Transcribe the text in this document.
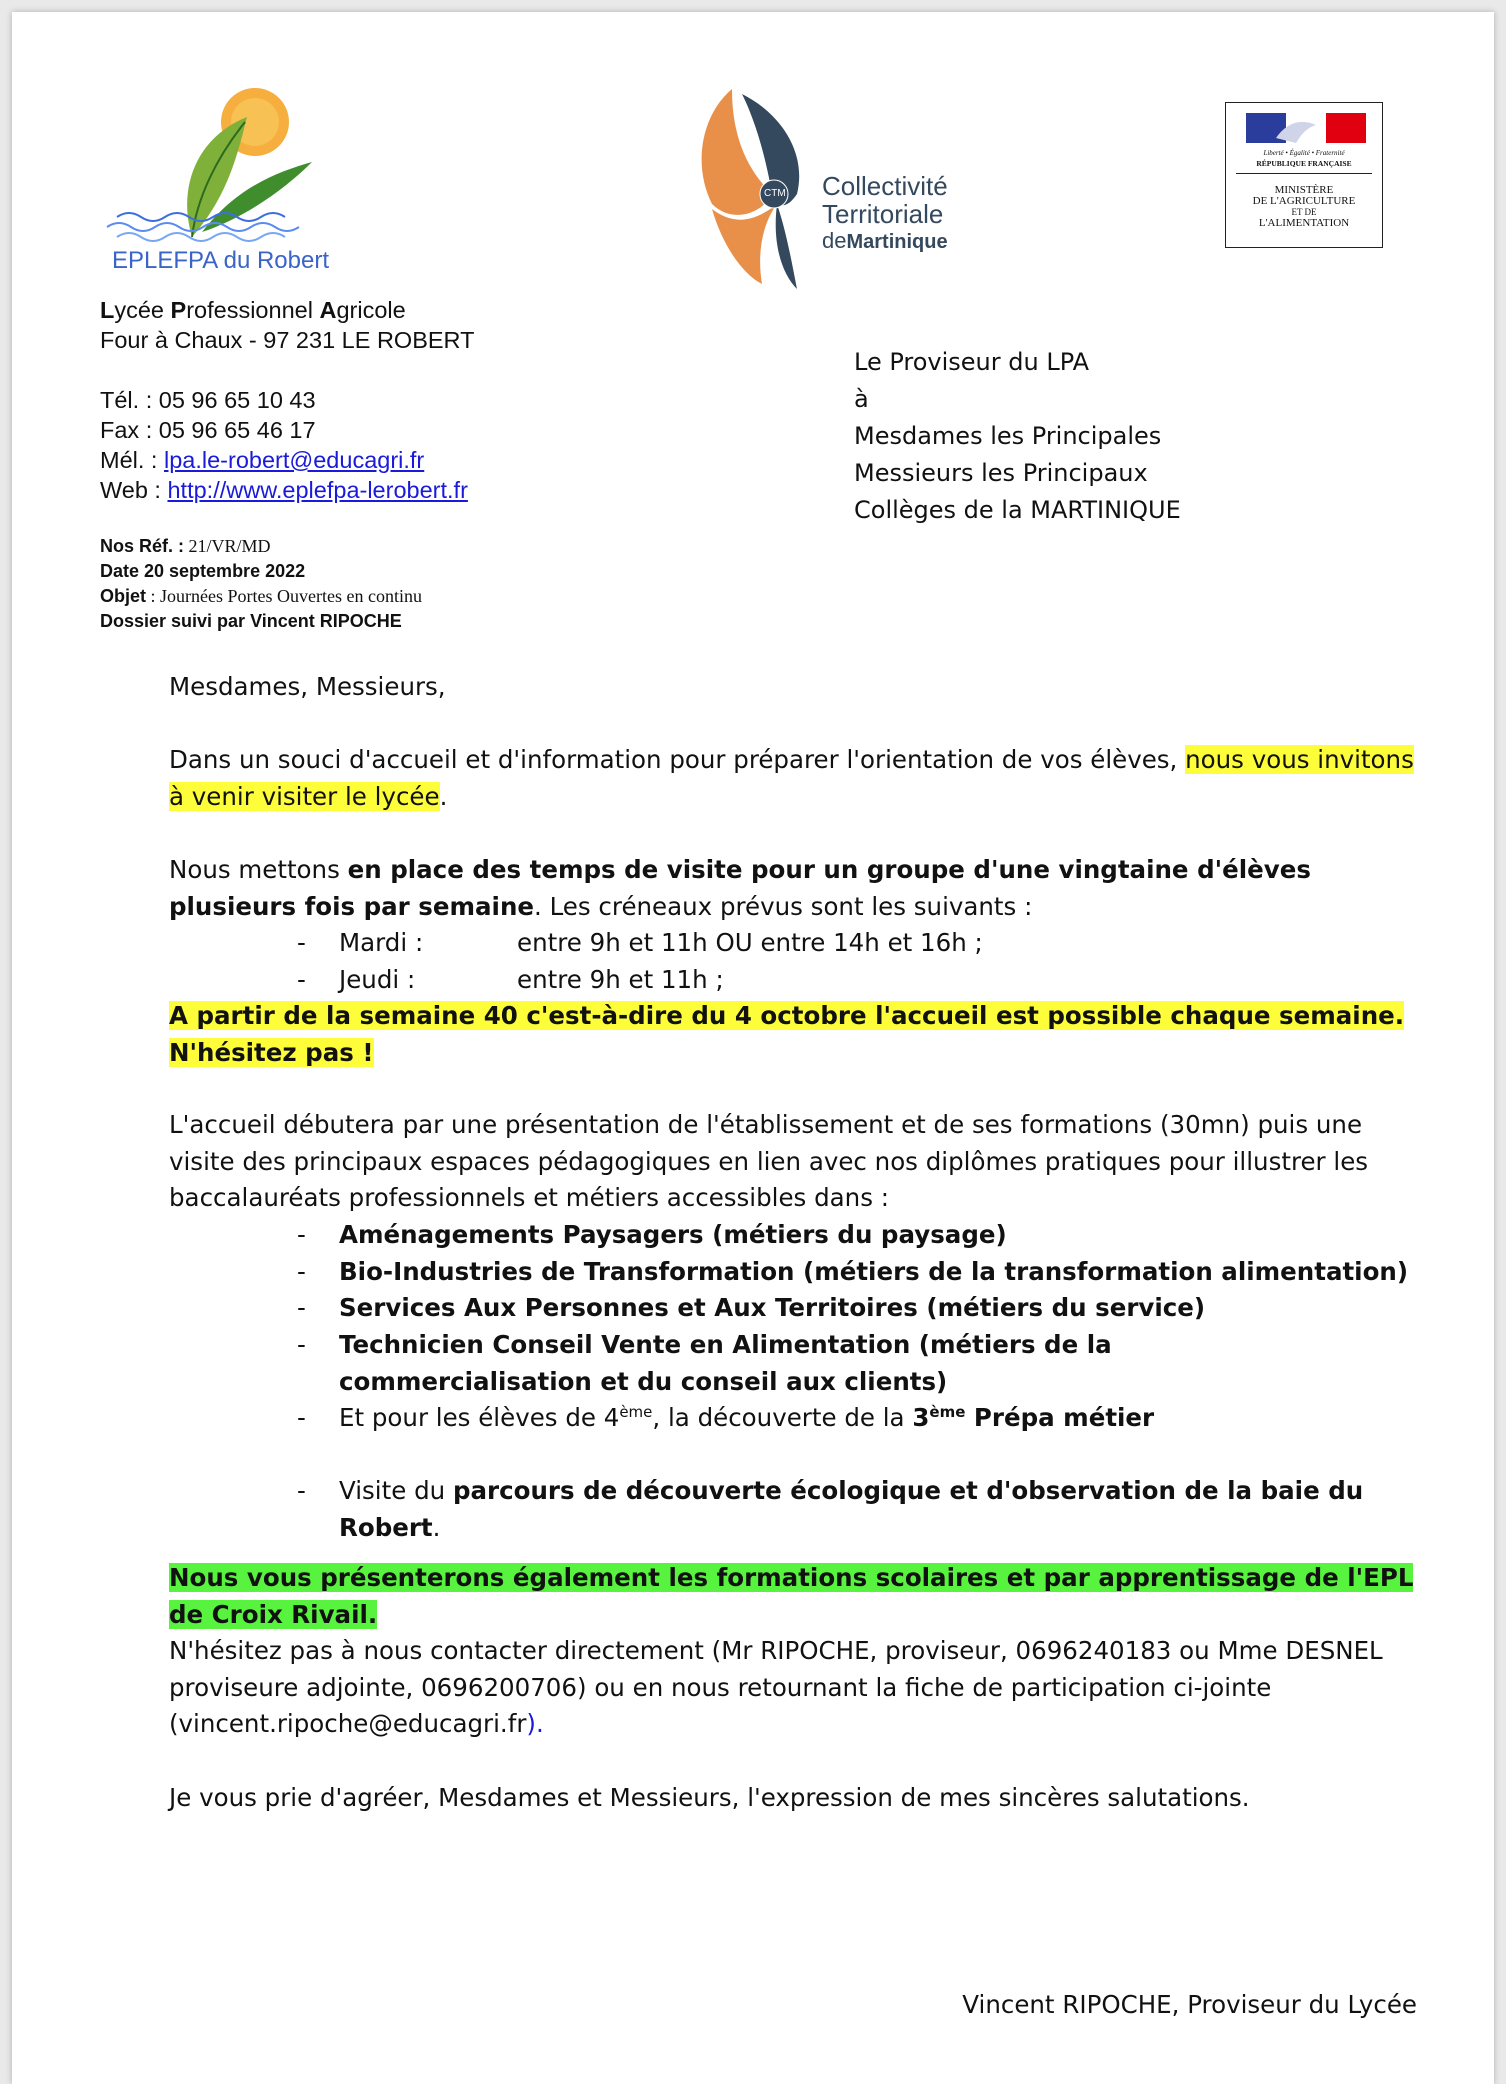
EPLEFPA du Robert
CTM Collectivité
Territoriale
deMartinique
Liberté • Égalité • Fraternité
RÉPUBLIQUE FRANÇAISE
MINISTÈRE
DE L'AGRICULTURE
ET DE
L'ALIMENTATION
Lycée Professionnel Agricole
Four à Chaux - 97 231 LE ROBERT
Tél. : 05 96 65 10 43
Fax : 05 96 65 46 17
Mél. : lpa.le-robert@educagri.fr
Web : http://www.eplefpa-lerobert.fr
Nos Réf. : 21/VR/MD
Date 20 septembre 2022
Objet : Journées Portes Ouvertes en continu
Dossier suivi par Vincent RIPOCHE
Le Proviseur du LPA
à
Mesdames les Principales
Messieurs les Principaux
Collèges de la MARTINIQUE
Mesdames, Messieurs,
Dans un souci d'accueil et d'information pour préparer l'orientation de vos élèves, nous vous invitons à venir visiter le lycée.
Nous mettons en place des temps de visite pour un groupe d'une vingtaine d'élèves plusieurs fois par semaine. Les créneaux prévus sont les suivants :
- Mardi :	entre 9h et 11h OU entre 14h et 16h ;
- Jeudi :	entre 9h et 11h ;
A partir de la semaine 40 c'est-à-dire du 4 octobre l'accueil est possible chaque semaine.
N'hésitez pas !
L'accueil débutera par une présentation de l'établissement et de ses formations (30mn) puis une visite des principaux espaces pédagogiques en lien avec nos diplômes pratiques pour illustrer les baccalauréats professionnels et métiers accessibles dans :
- Aménagements Paysagers (métiers du paysage)
- Bio-Industries de Transformation (métiers de la transformation alimentation)
- Services Aux Personnes et Aux Territoires (métiers du service)
- Technicien Conseil Vente en Alimentation (métiers de la commercialisation et du conseil aux clients)
- Et pour les élèves de 4ème, la découverte de la 3ème Prépa métier
- Visite du parcours de découverte écologique et d'observation de la baie du Robert.
Nous vous présenterons également les formations scolaires et par apprentissage de l'EPL de Croix Rivail.
N'hésitez pas à nous contacter directement (Mr RIPOCHE, proviseur, 0696240183 ou Mme DESNEL proviseure adjointe, 0696200706) ou en nous retournant la fiche de participation ci-jointe (vincent.ripoche@educagri.fr).
Je vous prie d'agréer, Mesdames et Messieurs, l'expression de mes sincères salutations.
Vincent RIPOCHE, Proviseur du Lycée
